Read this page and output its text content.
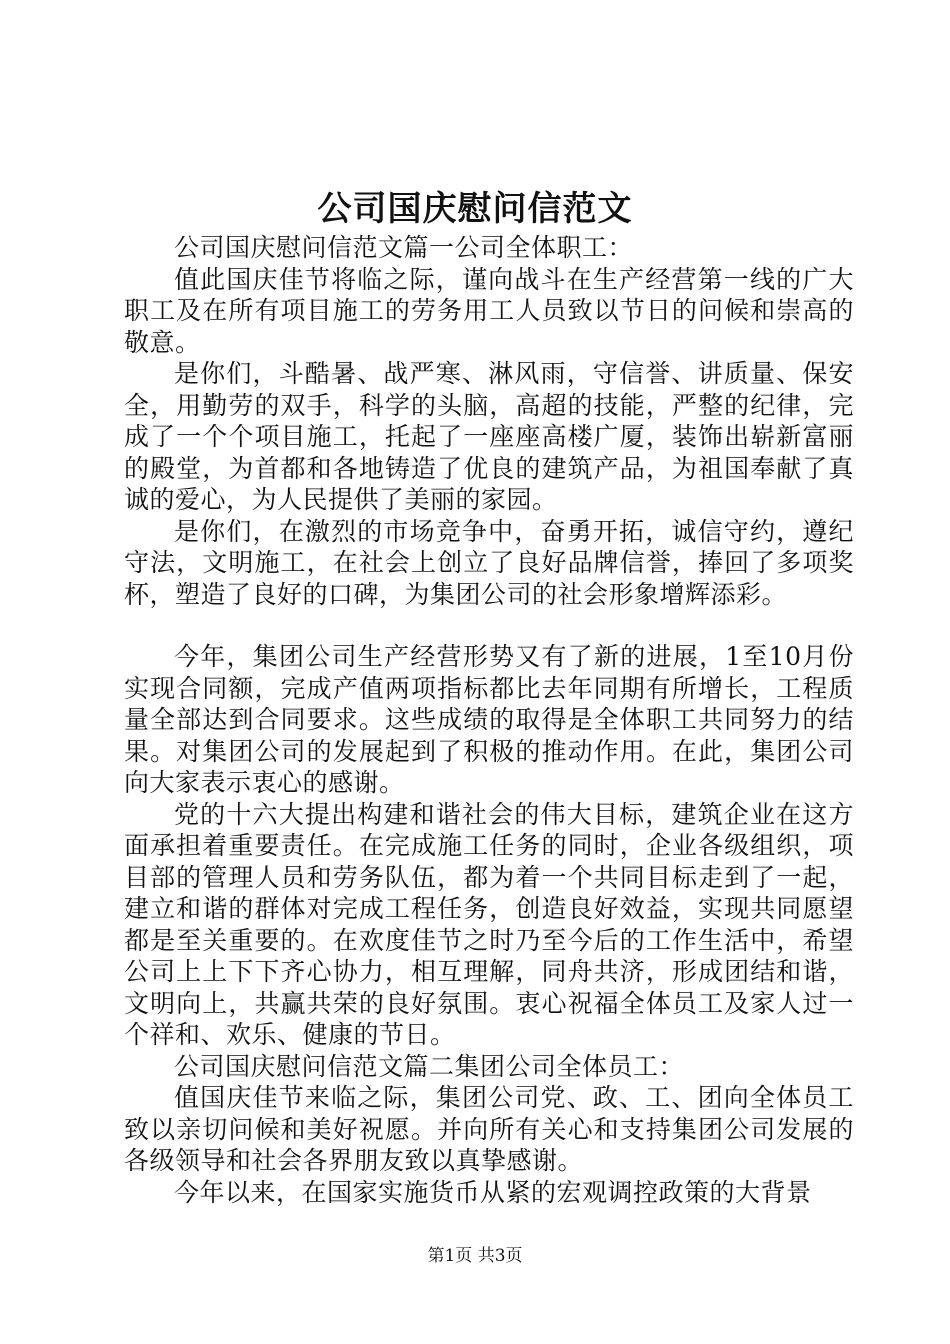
公司国庆慰问信范文

公司国庆慰问信范文篇一公司全体职工：

值此国庆佳节将临之际，谨向战斗在生产经营第一线的广大职工及在所有项目施工的劳务用工人员致以节日的问候和崇高的敬意。

是你们，斗酷暑、战严寒、淋风雨，守信誉、讲质量、保安全，用勤劳的双手，科学的头脑，高超的技能，严整的纪律，完成了一个个项目施工，托起了一座座高楼广厦，装饰出崭新富丽的殿堂，为首都和各地铸造了优良的建筑产品，为祖国奉献了真诚的爱心，为人民提供了美丽的家园。

是你们，在激烈的市场竞争中，奋勇开拓，诚信守约，遵纪守法，文明施工，在社会上创立了良好品牌信誉，捧回了多项奖杯，塑造了良好的口碑，为集团公司的社会形象增辉添彩。

今年，集团公司生产经营形势又有了新的进展，1至10月份实现合同额，完成产值两项指标都比去年同期有所增长，工程质量全部达到合同要求。这些成绩的取得是全体职工共同努力的结果。对集团公司的发展起到了积极的推动作用。在此，集团公司向大家表示衷心的感谢。

党的十六大提出构建和谐社会的伟大目标，建筑企业在这方面承担着重要责任。在完成施工任务的同时，企业各级组织，项目部的管理人员和劳务队伍，都为着一个共同目标走到了一起，建立和谐的群体对完成工程任务，创造良好效益，实现共同愿望都是至关重要的。在欢度佳节之时乃至今后的工作生活中，希望公司上上下下齐心协力，相互理解，同舟共济，形成团结和谐，文明向上，共赢共荣的良好氛围。衷心祝福全体员工及家人过一个祥和、欢乐、健康的节日。

公司国庆慰问信范文篇二集团公司全体员工：

值国庆佳节来临之际，集团公司党、政、工、团向全体员工致以亲切问候和美好祝愿。并向所有关心和支持集团公司发展的各级领导和社会各界朋友致以真挚感谢。

今年以来，在国家实施货币从紧的宏观调控政策的大背景

第1页 共3页
